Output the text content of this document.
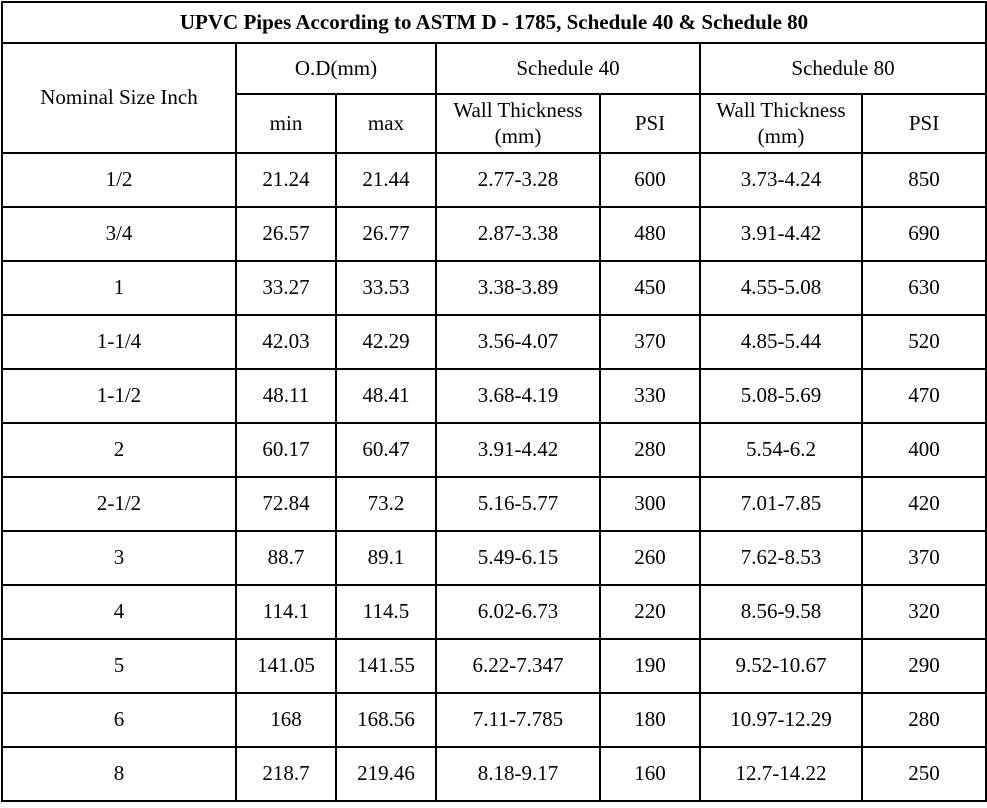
UPVC Pipes According to ASTM D - 1785, Schedule 40 & Schedule 80						
Nominal Size Inch	O.D(mm)		Schedule 40		Schedule 80	
	min	max	Wall Thickness (mm)	PSI	Wall Thickness (mm)	PSI
1/2	21.24	21.44	2.77-3.28	600	3.73-4.24	850
3/4	26.57	26.77	2.87-3.38	480	3.91-4.42	690
1	33.27	33.53	3.38-3.89	450	4.55-5.08	630
1-1/4	42.03	42.29	3.56-4.07	370	4.85-5.44	520
1-1/2	48.11	48.41	3.68-4.19	330	5.08-5.69	470
2	60.17	60.47	3.91-4.42	280	5.54-6.2	400
2-1/2	72.84	73.2	5.16-5.77	300	7.01-7.85	420
3	88.7	89.1	5.49-6.15	260	7.62-8.53	370
4	114.1	114.5	6.02-6.73	220	8.56-9.58	320
5	141.05	141.55	6.22-7.347	190	9.52-10.67	290
6	168	168.56	7.11-7.785	180	10.97-12.29	280
8	218.7	219.46	8.18-9.17	160	12.7-14.22	250
